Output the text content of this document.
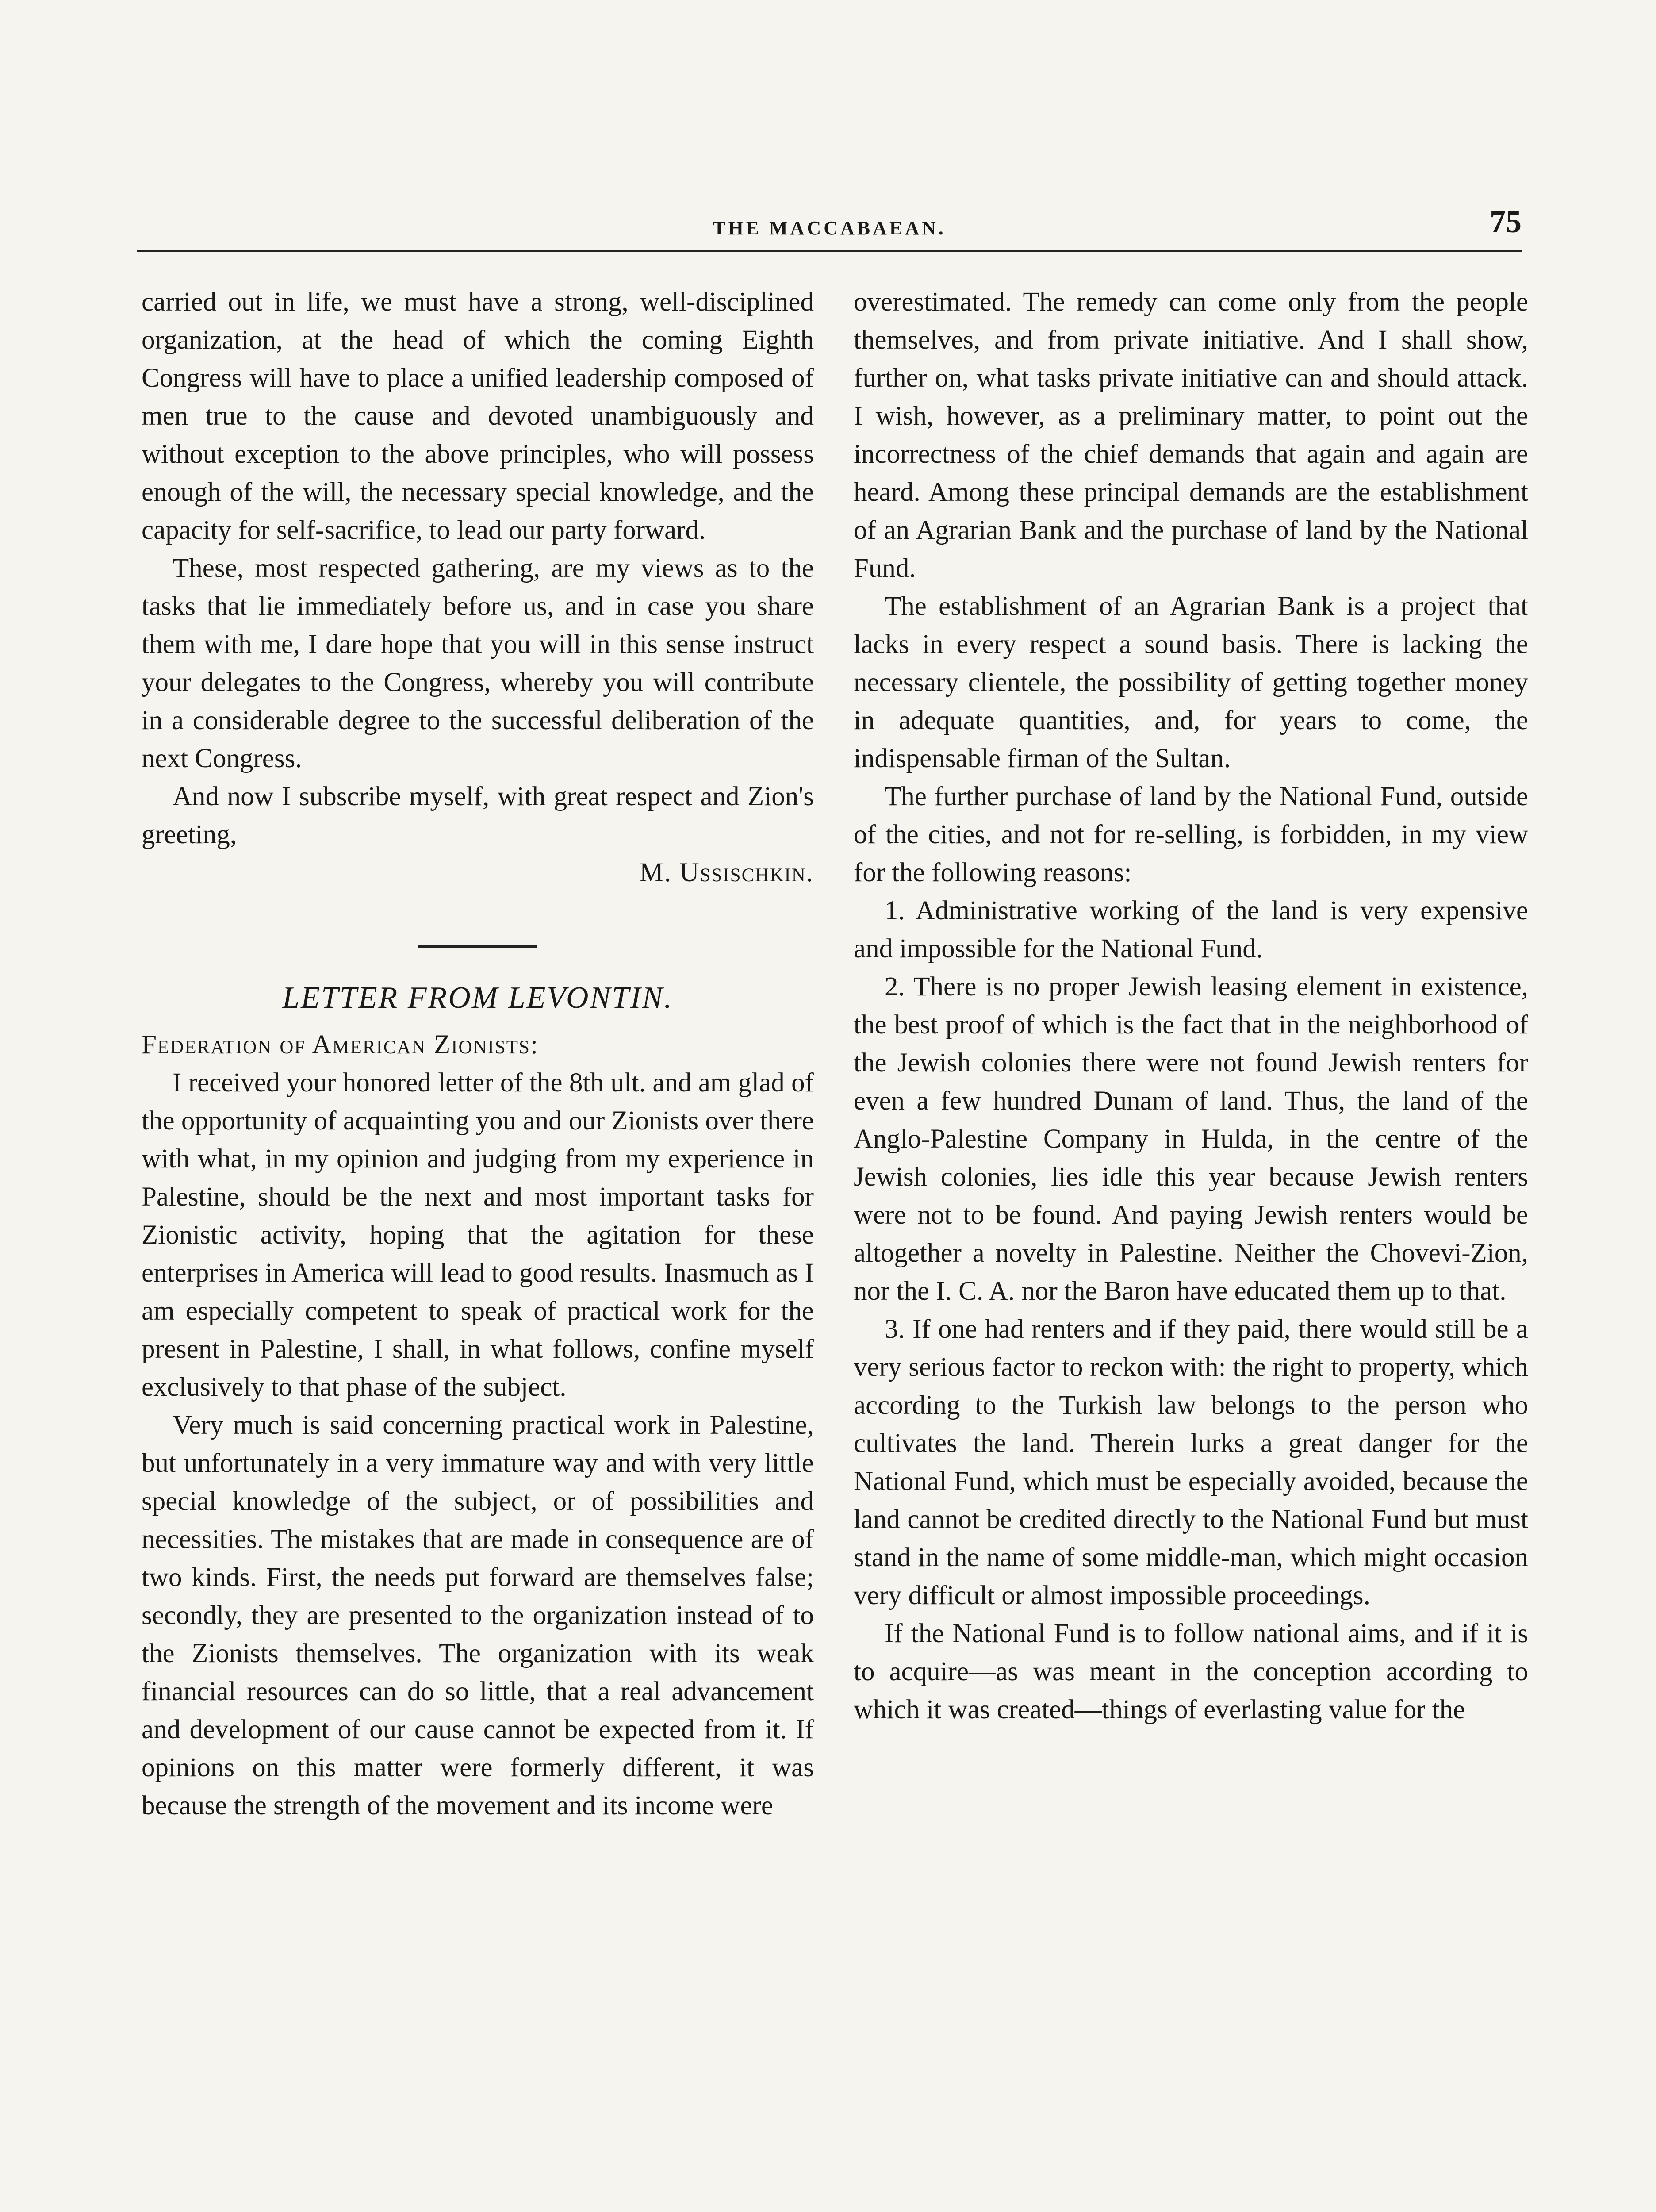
THE MACCABAEAN.	75

carried out in life, we must have a strong, well-disciplined organization, at the head of which the coming Eighth Congress will have to place a unified leadership composed of men true to the cause and devoted unambiguously and without exception to the above principles, who will possess enough of the will, the necessary special knowledge, and the capacity for self-sacrifice, to lead our party forward.

These, most respected gathering, are my views as to the tasks that lie immediately before us, and in case you share them with me, I dare hope that you will in this sense instruct your delegates to the Congress, whereby you will contribute in a considerable degree to the successful deliberation of the next Congress.

And now I subscribe myself, with great respect and Zion's greeting,

M. Ussischkin.

LETTER FROM LEVONTIN.

Federation of American Zionists:

I received your honored letter of the 8th ult. and am glad of the opportunity of acquainting you and our Zionists over there with what, in my opinion and judging from my experience in Palestine, should be the next and most important tasks for Zionistic activity, hoping that the agitation for these enterprises in America will lead to good results. Inasmuch as I am especially competent to speak of practical work for the present in Palestine, I shall, in what follows, confine myself exclusively to that phase of the subject.

Very much is said concerning practical work in Palestine, but unfortunately in a very immature way and with very little special knowledge of the subject, or of possibilities and necessities. The mistakes that are made in consequence are of two kinds. First, the needs put forward are themselves false; secondly, they are presented to the organization instead of to the Zionists themselves. The organization with its weak financial resources can do so little, that a real advancement and development of our cause cannot be expected from it. If opinions on this matter were formerly different, it was because the strength of the movement and its income were

overestimated. The remedy can come only from the people themselves, and from private initiative. And I shall show, further on, what tasks private initiative can and should attack. I wish, however, as a preliminary matter, to point out the incorrectness of the chief demands that again and again are heard. Among these principal demands are the establishment of an Agrarian Bank and the purchase of land by the National Fund.

The establishment of an Agrarian Bank is a project that lacks in every respect a sound basis. There is lacking the necessary clientele, the possibility of getting together money in adequate quantities, and, for years to come, the indispensable firman of the Sultan.

The further purchase of land by the National Fund, outside of the cities, and not for re-selling, is forbidden, in my view for the following reasons:

1. Administrative working of the land is very expensive and impossible for the National Fund.

2. There is no proper Jewish leasing element in existence, the best proof of which is the fact that in the neighborhood of the Jewish colonies there were not found Jewish renters for even a few hundred Dunam of land. Thus, the land of the Anglo-Palestine Company in Hulda, in the centre of the Jewish colonies, lies idle this year because Jewish renters were not to be found. And paying Jewish renters would be altogether a novelty in Palestine. Neither the Chovevi-Zion, nor the I. C. A. nor the Baron have educated them up to that.

3. If one had renters and if they paid, there would still be a very serious factor to reckon with: the right to property, which according to the Turkish law belongs to the person who cultivates the land. Therein lurks a great danger for the National Fund, which must be especially avoided, because the land cannot be credited directly to the National Fund but must stand in the name of some middle-man, which might occasion very difficult or almost impossible proceedings.

If the National Fund is to follow national aims, and if it is to acquire—as was meant in the conception according to which it was created—things of everlasting value for the
